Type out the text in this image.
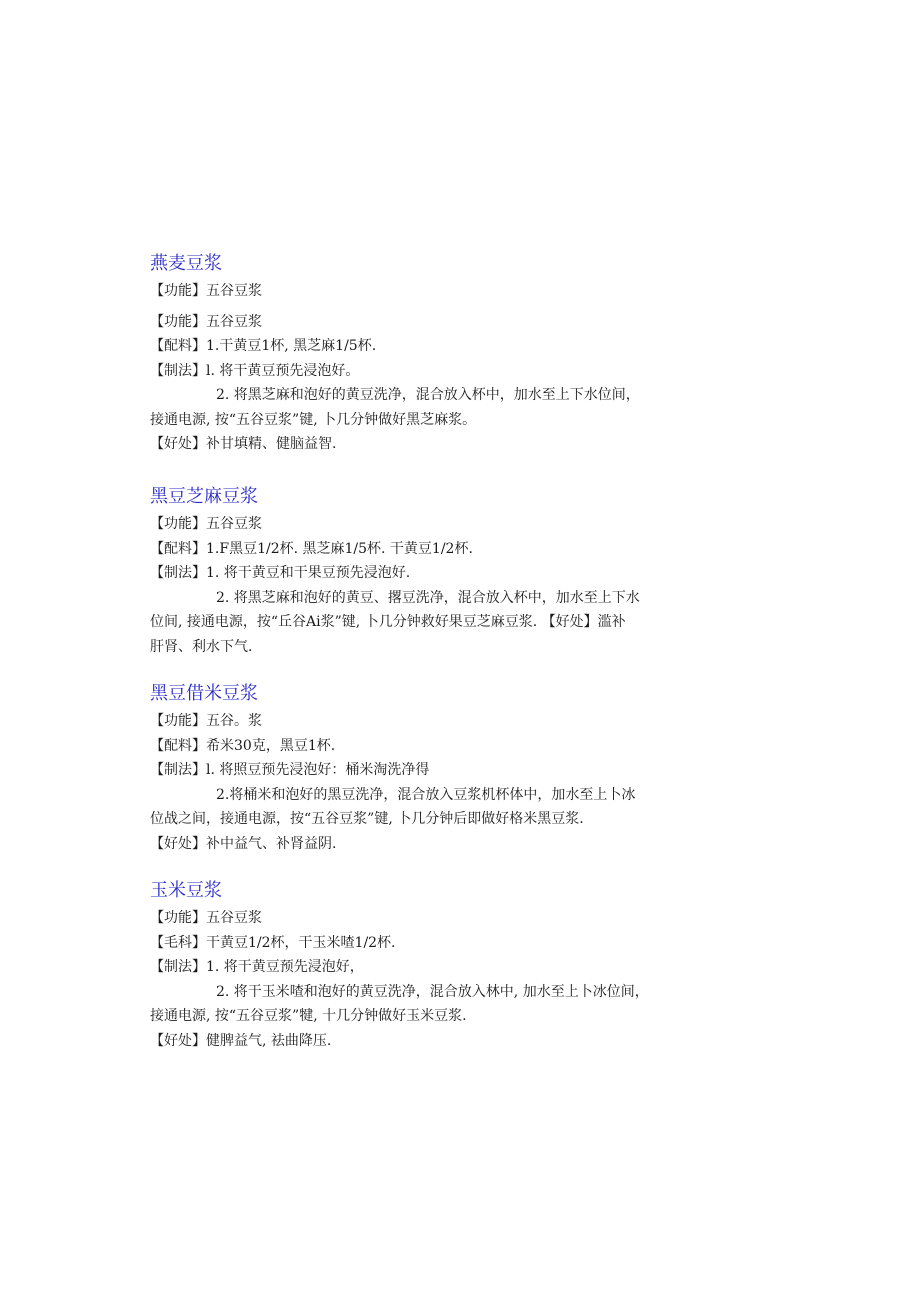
燕麦豆浆
【功能】五谷豆浆
【功能】五谷豆浆
【配料】1.干黄豆1杯, 黑芝麻1/5杯.
【制法】l. 将干黄豆预先浸泡好。
2. 将黑芝麻和泡好的黄豆洗净，混合放入杯中，加水至上下水位间，
接通电源, 按“五谷豆浆”键, 卜几分钟做好黑芝麻浆。
【好处】补甘填精、健脑益智.
黑豆芝麻豆浆
【功能】五谷豆浆
【配料】1.F黑豆1/2杯. 黑芝麻1/5杯. 干黄豆1/2杯.
【制法】1. 将干黄豆和干果豆预先浸泡好.
2. 将黑芝麻和泡好的黄豆、撂豆洗净，混合放入杯中，加水至上下水
位间, 接通电源，按“丘谷Ai浆”键, 卜几分钟救好果豆芝麻豆浆. 【好处】滥补
肝肾、利水下气.
黑豆借米豆浆
【功能】五谷。浆
【配料】希米30克，黑豆1杯.
【制法】l. 将照豆预先浸泡好：桶米淘洗净得
2.将桶米和泡好的黑豆洗净，混合放入豆浆机杯体中，加水至上卜冰
位战之间，接通电源，按“五谷豆浆”键, 卜几分钟后即做好格米黑豆浆.
【好处】补中益气、补肾益阴.
玉米豆浆
【功能】五谷豆浆
【毛科】干黄豆1/2杯，干玉米喳1/2杯.
【制法】1. 将干黄豆预先浸泡好，
2. 将干玉米喳和泡好的黄豆洗净，混合放入林中, 加水至上卜冰位间，
接通电源, 按“五谷豆浆”犍, 十几分钟做好玉米豆浆.
【好处】健脾益气, 祛曲降压.
